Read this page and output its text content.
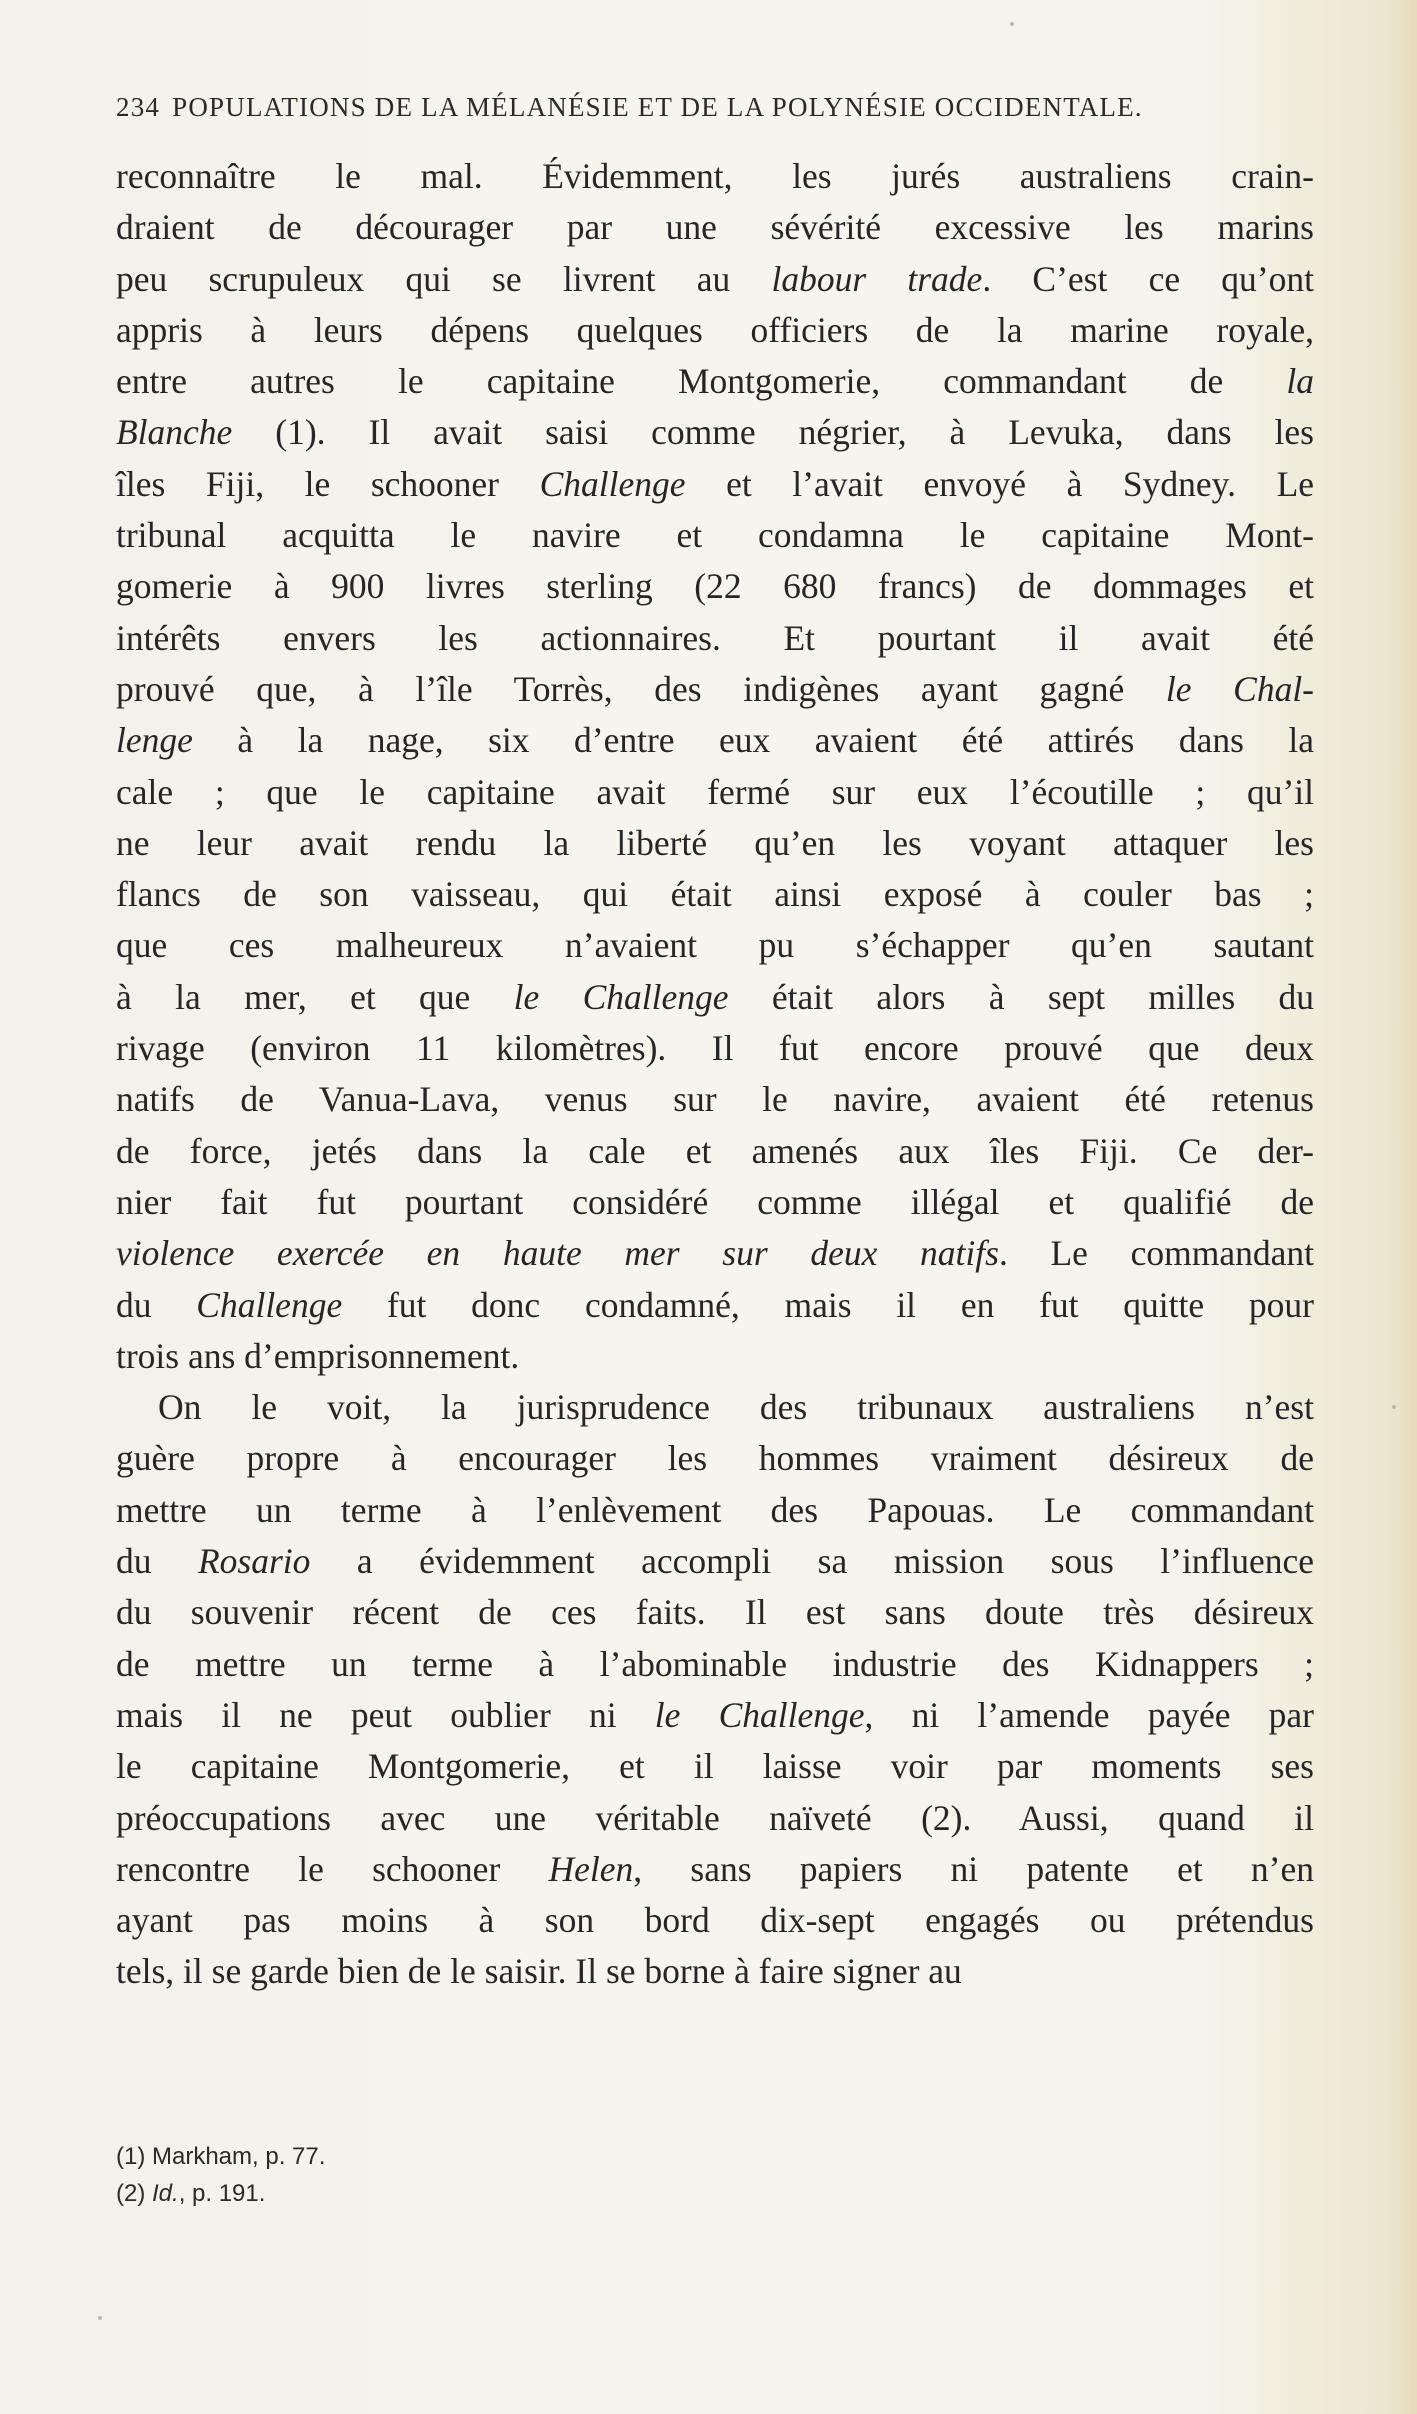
234 POPULATIONS DE LA MÉLANÉSIE ET DE LA POLYNÉSIE OCCIDENTALE.
reconnaître le mal. Évidemment, les jurés australiens crain-
draient de décourager par une sévérité excessive les marins
peu scrupuleux qui se livrent au labour trade. C’est ce qu’ont
appris à leurs dépens quelques officiers de la marine royale,
entre autres le capitaine Montgomerie, commandant de la
Blanche (1). Il avait saisi comme négrier, à Levuka, dans les
îles Fiji, le schooner Challenge et l’avait envoyé à Sydney. Le
tribunal acquitta le navire et condamna le capitaine Mont-
gomerie à 900 livres sterling (22 680 francs) de dommages et
intérêts envers les actionnaires. Et pourtant il avait été
prouvé que, à l’île Torrès, des indigènes ayant gagné le Chal-
lenge à la nage, six d’entre eux avaient été attirés dans la
cale ; que le capitaine avait fermé sur eux l’écoutille ; qu’il
ne leur avait rendu la liberté qu’en les voyant attaquer les
flancs de son vaisseau, qui était ainsi exposé à couler bas ;
que ces malheureux n’avaient pu s’échapper qu’en sautant
à la mer, et que le Challenge était alors à sept milles du
rivage (environ 11 kilomètres). Il fut encore prouvé que deux
natifs de Vanua-Lava, venus sur le navire, avaient été retenus
de force, jetés dans la cale et amenés aux îles Fiji. Ce der-
nier fait fut pourtant considéré comme illégal et qualifié de
violence exercée en haute mer sur deux natifs. Le commandant
du Challenge fut donc condamné, mais il en fut quitte pour
trois ans d’emprisonnement.
On le voit, la jurisprudence des tribunaux australiens n’est
guère propre à encourager les hommes vraiment désireux de
mettre un terme à l’enlèvement des Papouas. Le commandant
du Rosario a évidemment accompli sa mission sous l’influence
du souvenir récent de ces faits. Il est sans doute très désireux
de mettre un terme à l’abominable industrie des Kidnappers ;
mais il ne peut oublier ni le Challenge, ni l’amende payée par
le capitaine Montgomerie, et il laisse voir par moments ses
préoccupations avec une véritable naïveté (2). Aussi, quand il
rencontre le schooner Helen, sans papiers ni patente et n’en
ayant pas moins à son bord dix-sept engagés ou prétendus
tels, il se garde bien de le saisir. Il se borne à faire signer au
(1) Markham, p. 77.
(2) Id., p. 191.
